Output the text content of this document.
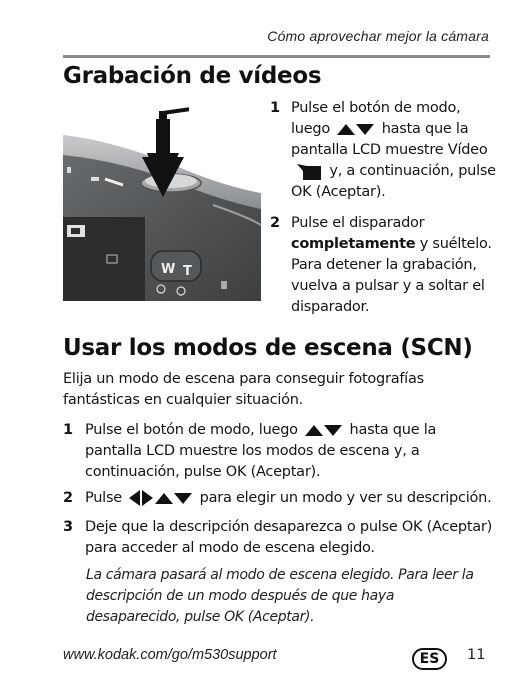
Cómo aprovechar mejor la cámara
Grabación de vídeos
W T
1 Pulse el botón de modo, luego	hasta que la pantalla LCD muestre Vídeo  y, a continuación, pulse OK (Aceptar).
2 Pulse el disparador completamente y suéltelo. Para detener la grabación, vuelva a pulsar y a soltar el disparador.
Usar los modos de escena (SCN)
Elija un modo de escena para conseguir fotografías fantásticas en cualquier situación.
1 Pulse el botón de modo, luego	hasta que la pantalla LCD muestre los modos de escena y, a continuación, pulse OK (Aceptar).
2 Pulse	para elegir un modo y ver su descripción.
3 Deje que la descripción desaparezca o pulse OK (Aceptar) para acceder al modo de escena elegido.
La cámara pasará al modo de escena elegido. Para leer la descripción de un modo después de que haya desaparecido, pulse OK (Aceptar).
www.kodak.com/go/m530support	ES	11
